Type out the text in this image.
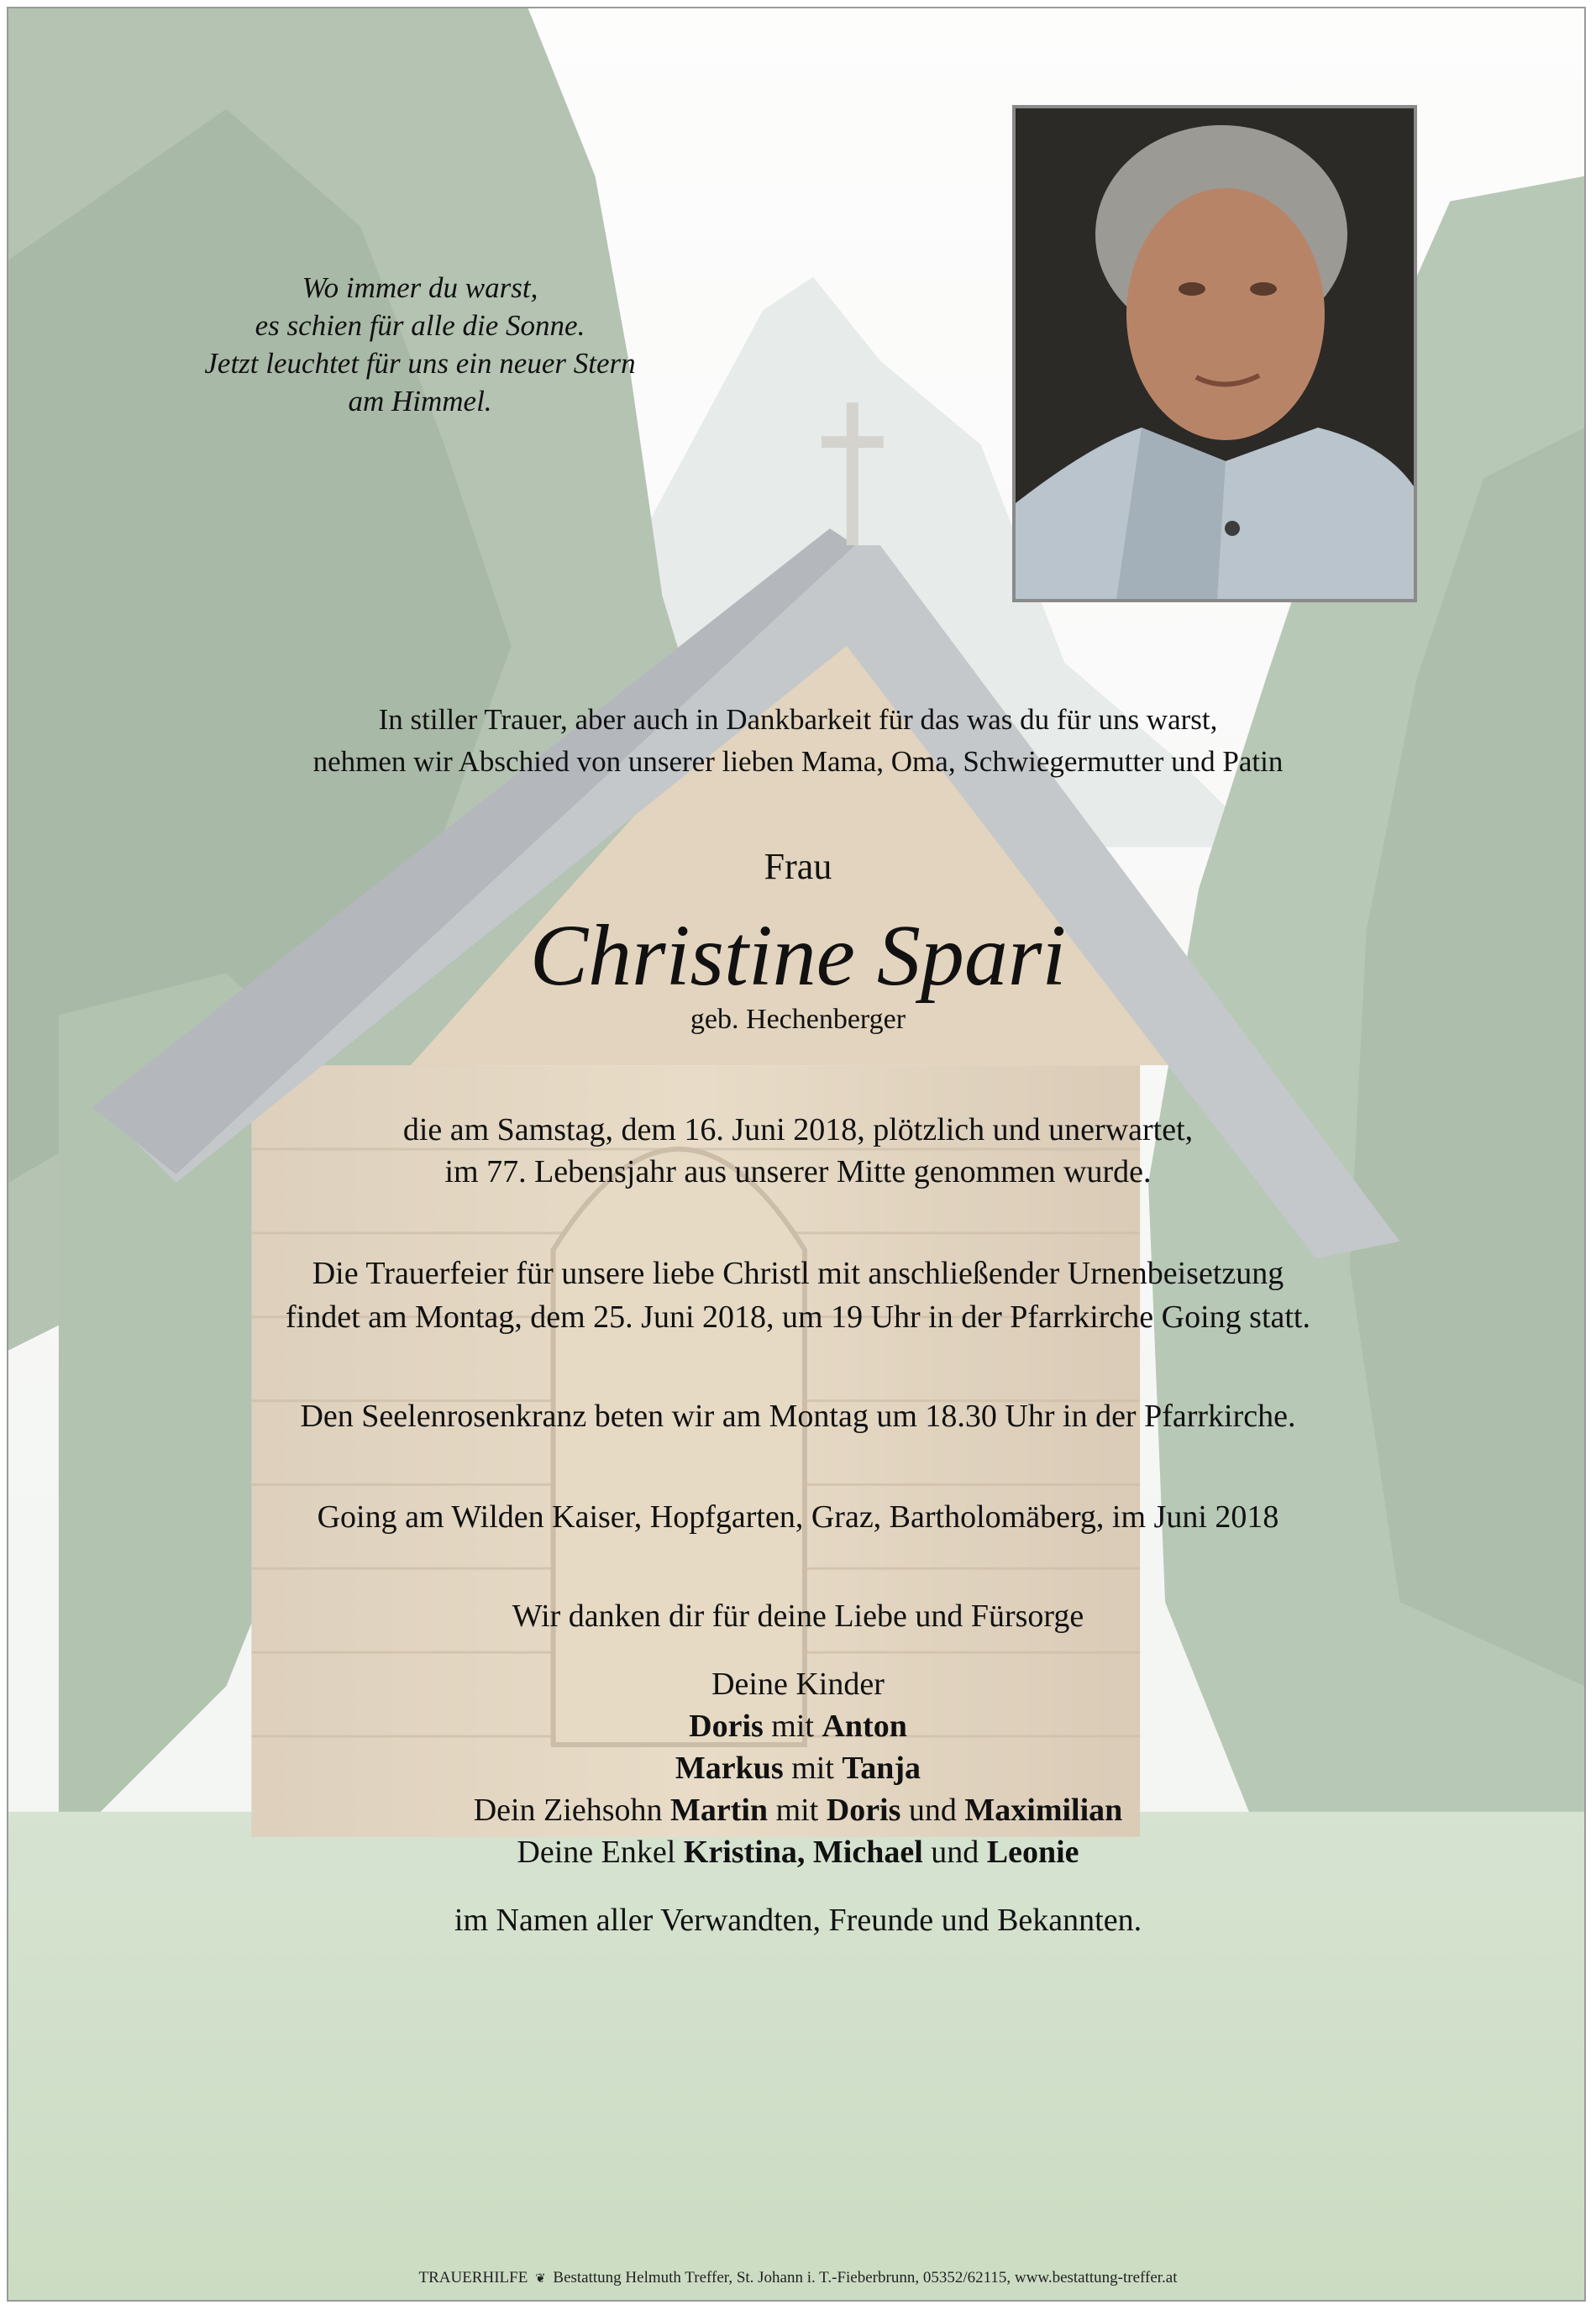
Wo immer du warst,
es schien für alle die Sonne.
Jetzt leuchtet für uns ein neuer Stern
am Himmel.
In stiller Trauer, aber auch in Dankbarkeit für das was du für uns warst,
nehmen wir Abschied von unserer lieben Mama, Oma, Schwiegermutter und Patin
Frau
Christine Spari
geb. Hechenberger
die am Samstag, dem 16. Juni 2018, plötzlich und unerwartet,
im 77. Lebensjahr aus unserer Mitte genommen wurde.
Die Trauerfeier für unsere liebe Christl mit anschließender Urnenbeisetzung
findet am Montag, dem 25. Juni 2018, um 19 Uhr in der Pfarrkirche Going statt.
Den Seelenrosenkranz beten wir am Montag um 18.30 Uhr in der Pfarrkirche.
Going am Wilden Kaiser, Hopfgarten, Graz, Bartholomäberg, im Juni 2018
Wir danken dir für deine Liebe und Fürsorge
Deine Kinder
Doris mit Anton
Markus mit Tanja
Dein Ziehsohn Martin mit Doris und Maximilian
Deine Enkel Kristina, Michael und Leonie
im Namen aller Verwandten, Freunde und Bekannten.
TRAUERHILFE ❦ Bestattung Helmuth Treffer, St. Johann i. T.-Fieberbrunn, 05352/62115, www.bestattung-treffer.at
